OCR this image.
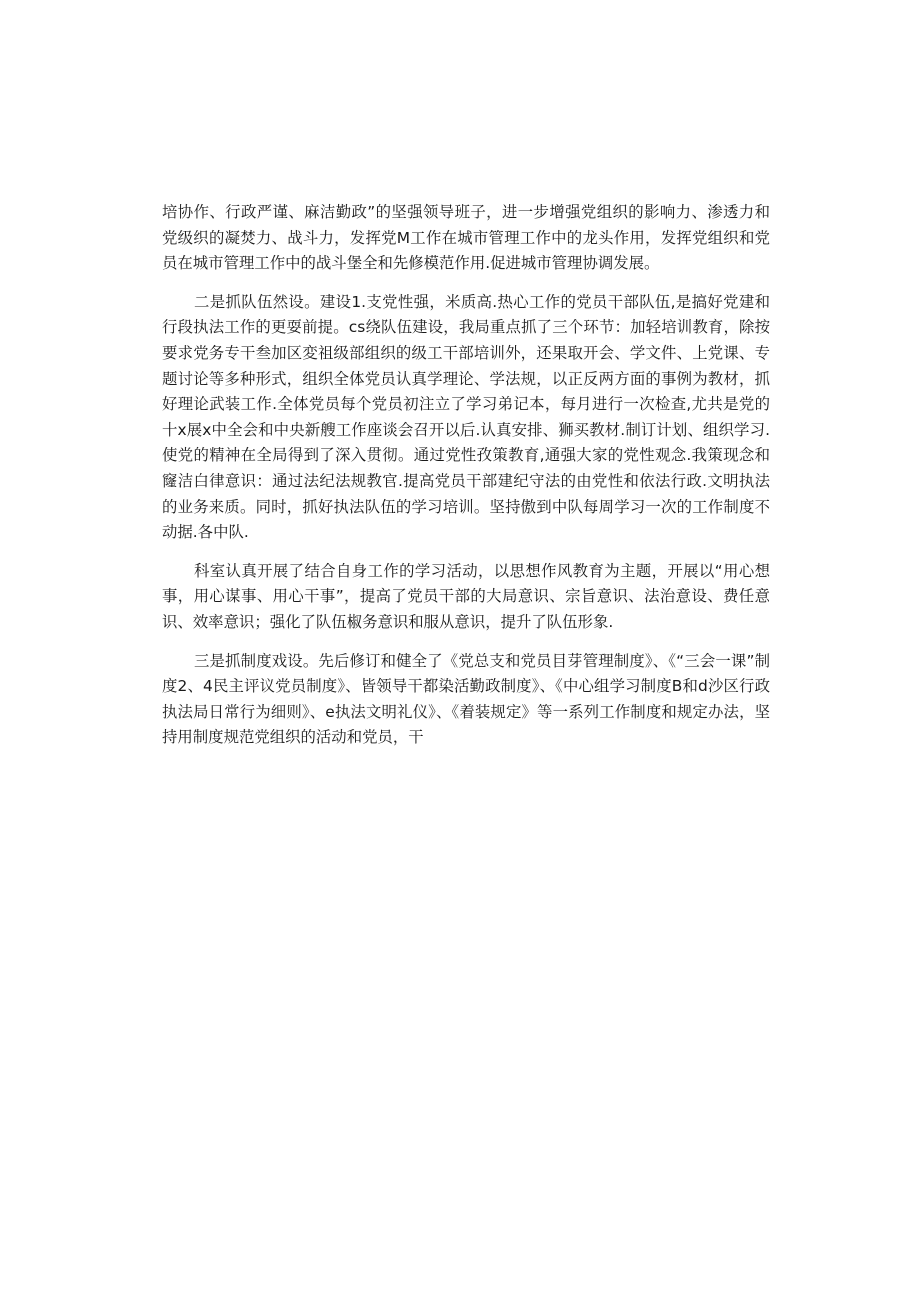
培协作、行政严谨、麻洁勤政”的坚强领导班子，进一步增强党组织的影响力、渗透力和党级织的凝焚力、战斗力，发挥党M工作在城市管理工作中的龙头作用，发挥党组织和党员在城市管理工作中的战斗堡全和先修模范作用.促进城市管理协调发展。

二是抓队伍然设。建设1.支党性强，米质高.热心工作的党员干部队伍,是搞好党建和行段执法工作的更耍前提。cs绕队伍建设，我局重点抓了三个环节：加轻培训教育，除按要求党务专干叁加区変祖级部组织的级工干部培训外，还果取开会、学文件、上党课、专题讨论等多种形式，组织全体党员认真学理论、学法规，以正反两方面的事例为教材，抓好理论武装工作.全体党员每个党员初注立了学习弟记本，每月进行一次检查,尤共是党的十x展x中全会和中央新艘工作座谈会召开以后.认真安排、狮买教材.制订计划、组织学习.使党的精神在全局得到了深入贯彻。通过党性孜策教育,通强大家的党性观念.我策现念和窿洁白律意识：通过法纪法规教官.提高党员干部建纪守法的由党性和依法行政.文明执法的业务来质。同时，抓好执法队伍的学习培训。坚持傲到中队每周学习一次的工作制度不动据.各中队.

科室认真开展了结合自身工作的学习活动，以思想作风教育为主题，开展以“用心想事，用心谋事、用心干事”，提高了党员干部的大局意识、宗旨意识、法治意设、费任意识、效率意识；强化了队伍椒务意识和服从意识，提升了队伍形象.

三是抓制度戏设。先后修订和健全了《党总支和党员目芽管理制度》、《“三会一课”制度2、4民主评议党员制度》、皆领导干都染活勤政制度》、《中心组学习制度B和d沙区行政执法局日常行为细则》、e执法文明礼仪》、《着装规定》等一系列工作制度和规定办法，坚持用制度规范党组织的活动和党员，干
